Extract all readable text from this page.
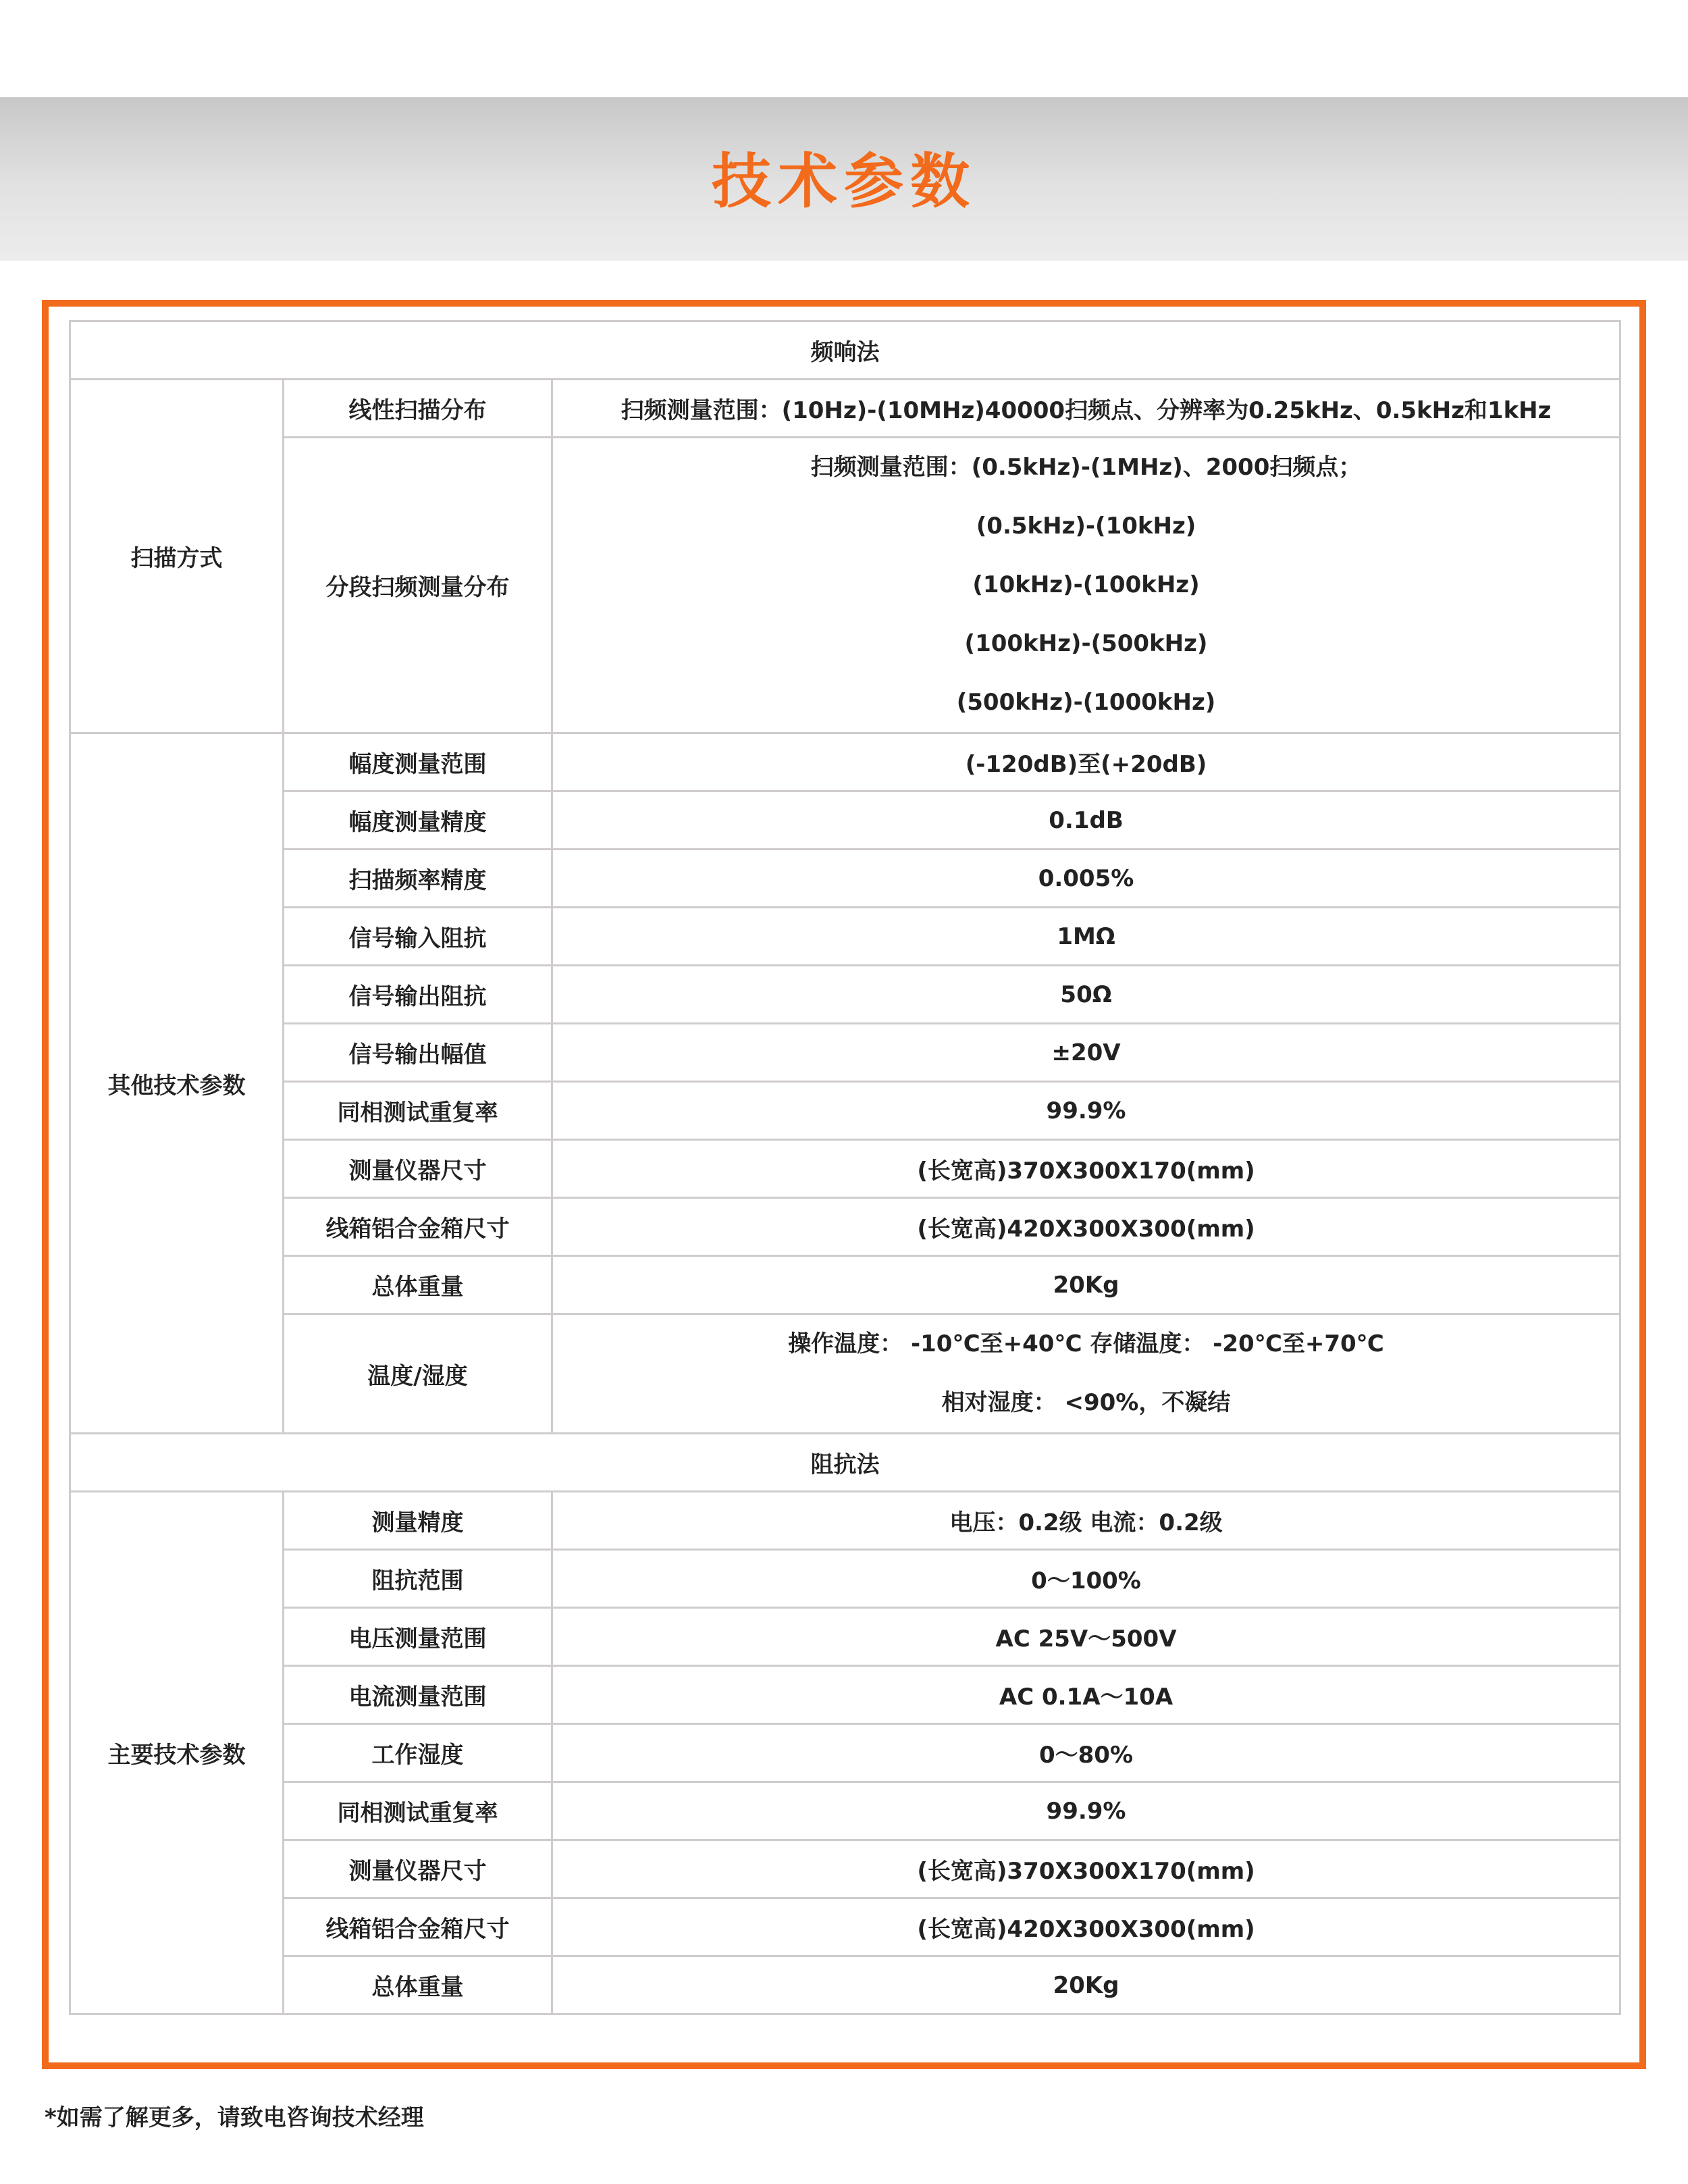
技术参数
频响法		
扫描方式	线性扫描分布	扫频测量范围：(10Hz)-(10MHz)40000扫频点、分辨率为0.25kHz、0.5kHz和1kHz
	分段扫频测量分布	扫频测量范围：(0.5kHz)-(1MHz)、2000扫频点；
(0.5kHz)-(10kHz)
(10kHz)-(100kHz)
(100kHz)-(500kHz)
(500kHz)-(1000kHz)

其他技术参数	幅度测量范围	(-120dB)至(+20dB)
	幅度测量精度	0.1dB
	扫描频率精度	0.005%
	信号输入阻抗	1MΩ
	信号输出阻抗	50Ω
	信号输出幅值	±20V
	同相测试重复率	99.9%
	测量仪器尺寸	(长宽高)370X300X170(mm)
	线箱铝合金箱尺寸	(长宽高)420X300X300(mm)
	总体重量	20Kg
	温度/湿度	操作温度： -10℃至+40℃ 存储温度： -20℃至+70℃
相对湿度： <90%，不凝结

阻抗法		
主要技术参数	测量精度	电压：0.2级 电流：0.2级
	阻抗范围	0～100%
	电压测量范围	AC 25V～500V
	电流测量范围	AC 0.1A～10A
	工作湿度	0～80%
	同相测试重复率	99.9%
	测量仪器尺寸	(长宽高)370X300X170(mm)
	线箱铝合金箱尺寸	(长宽高)420X300X300(mm)
	总体重量	20Kg
*如需了解更多，请致电咨询技术经理
